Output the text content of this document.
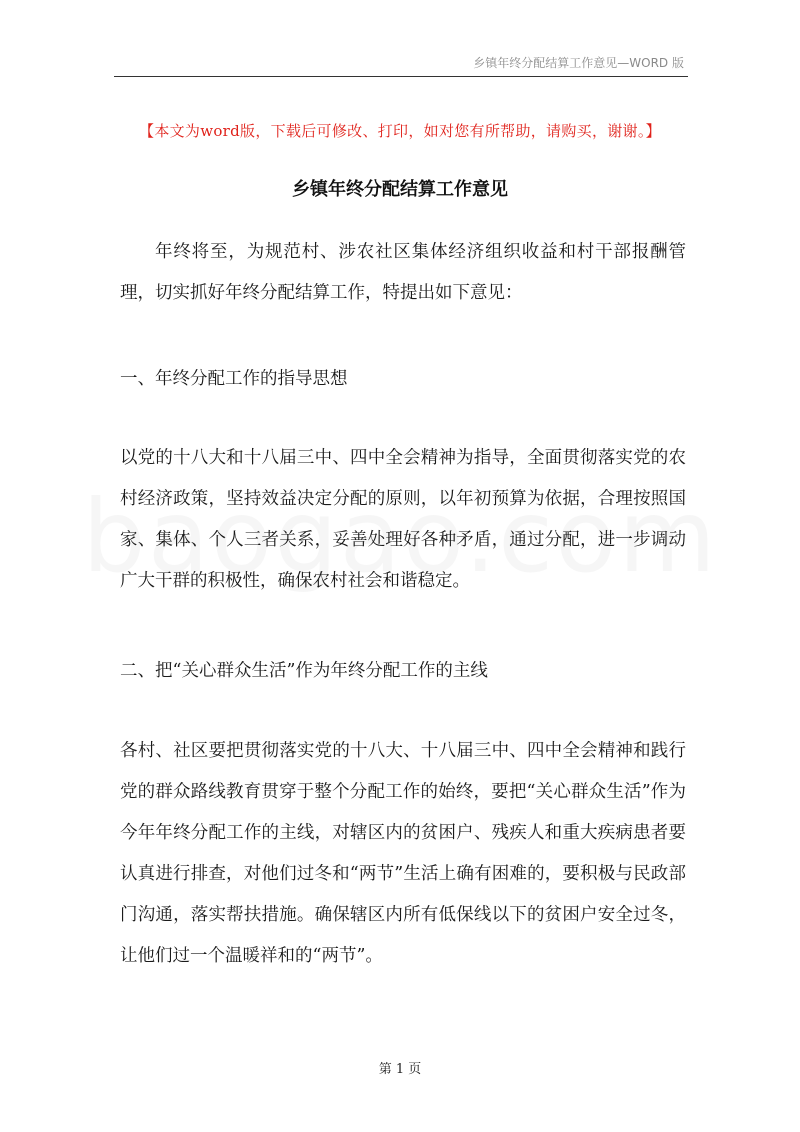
乡镇年终分配结算工作意见—WORD 版
【本文为word版，下载后可修改、打印，如对您有所帮助，请购买，谢谢。】
乡镇年终分配结算工作意见
年终将至，为规范村、涉农社区集体经济组织收益和村干部报酬管理，切实抓好年终分配结算工作，特提出如下意见：
一、年终分配工作的指导思想
以党的十八大和十八届三中、四中全会精神为指导，全面贯彻落实党的农村经济政策，坚持效益决定分配的原则，以年初预算为依据，合理按照国家、集体、个人三者关系，妥善处理好各种矛盾，通过分配，进一步调动广大干群的积极性，确保农村社会和谐稳定。
二、把“关心群众生活”作为年终分配工作的主线
各村、社区要把贯彻落实党的十八大、十八届三中、四中全会精神和践行党的群众路线教育贯穿于整个分配工作的始终，要把“关心群众生活”作为今年年终分配工作的主线，对辖区内的贫困户、残疾人和重大疾病患者要认真进行排查，对他们过冬和“两节”生活上确有困难的，要积极与民政部门沟通，落实帮扶措施。确保辖区内所有低保线以下的贫困户安全过冬，让他们过一个温暖祥和的“两节”。
第 1 页
